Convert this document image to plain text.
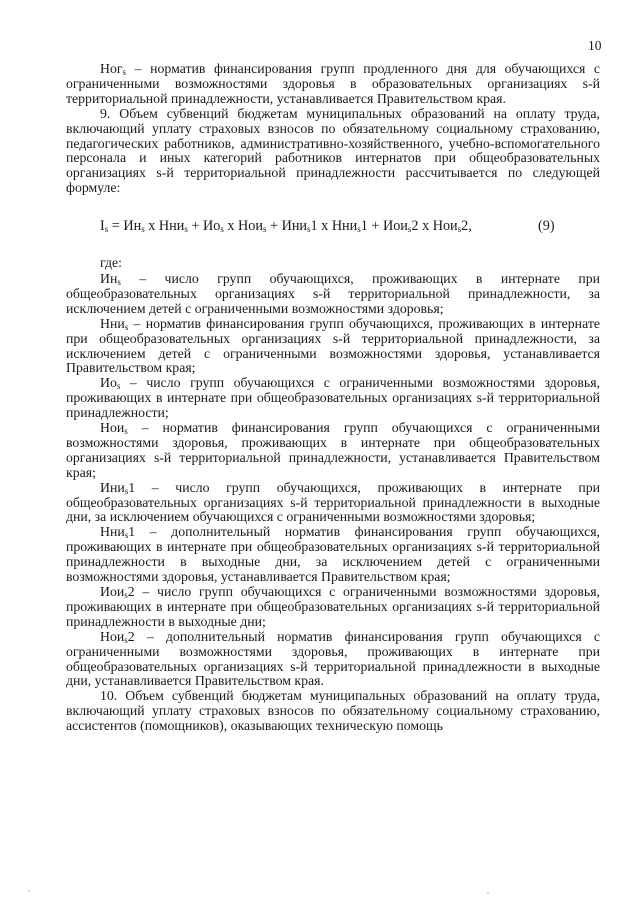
10

Ног$_s$ – норматив финансирования групп продленного дня для обучающихся с ограниченными возможностями здоровья в образовательных организациях s-й территориальной принадлежности, устанавливается Правительством края.

9. Объем субвенций бюджетам муниципальных образований на оплату труда, включающий уплату страховых взносов по обязательному социальному страхованию, педагогических работников, административно-хозяйственного, учебно-вспомогательного персонала и иных категорий работников интернатов при общеобразовательных организациях s-й территориальной принадлежности рассчитывается по следующей формуле:

$I_s = Ин_s$ x $Нни_s + Ио_s$ x Нои$_s$ + Ини$_s$1 x Нни$_s$1 + Иои$_s$2 x Нои$_s$2,	(9)

где:

$Ин_s$ – число групп обучающихся, проживающих в интернате при общеобразовательных организациях s-й территориальной принадлежности, за исключением детей с ограниченными возможностями здоровья;

Нни$_s$ – норматив финансирования групп обучающихся, проживающих в интернате при общеобразовательных организациях s-й территориальной принадлежности, за исключением детей с ограниченными возможностями здоровья, устанавливается Правительством края;

$Ио_s$ – число групп обучающихся с ограниченными возможностями здоровья, проживающих в интернате при общеобразовательных организациях s-й территориальной принадлежности;

Нои$_s$ – норматив финансирования групп обучающихся с ограниченными возможностями здоровья, проживающих в интернате при общеобразовательных организациях s-й территориальной принадлежности, устанавливается Правительством края;

Ини$_s$1 – число групп обучающихся, проживающих в интернате при общеобразовательных организациях s-й территориальной принадлежности в выходные дни, за исключением обучающихся с ограниченными возможностями здоровья;

Нни$_s$1 – дополнительный норматив финансирования групп обучающихся, проживающих в интернате при общеобразовательных организациях s-й территориальной принадлежности в выходные дни, за исключением детей с ограниченными возможностями здоровья, устанавливается Правительством края;

Иои$_s$2 – число групп обучающихся с ограниченными возможностями здоровья, проживающих в интернате при общеобразовательных организациях s-й территориальной принадлежности в выходные дни;

Нои$_s$2 – дополнительный норматив финансирования групп обучающихся с ограниченными возможностями здоровья, проживающих в интернате при общеобразовательных организациях s-й территориальной принадлежности в выходные дни, устанавливается Правительством края.

10. Объем субвенций бюджетам муниципальных образований на оплату труда, включающий уплату страховых взносов по обязательному социальному страхованию, ассистентов (помощников), оказывающих техническую помощь
